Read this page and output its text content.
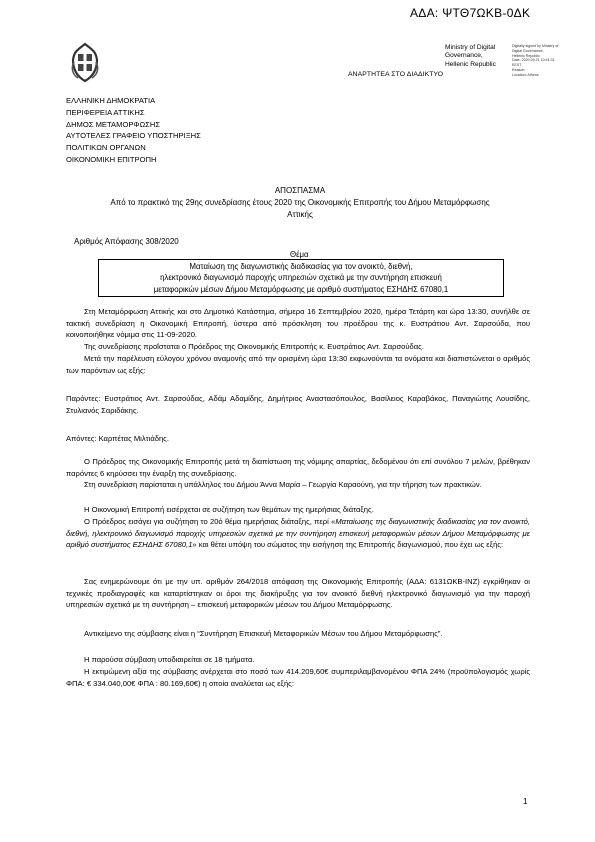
ΑΔΑ: ΨΤΘ7ΩΚΒ-0ΔΚ
Ministry of Digital
Governance,
Hellenic Republic
Digitally signed by Ministry of
Digital Governance,
Hellenic Republic
Date: 2020.09.21 10:41:31
EEST
Reason:
Location: Athens
ΑΝΑΡΤΗΤΕΑ ΣΤΟ ΔΙΑΔΙΚΤΥΟ
ΕΛΛΗΝΙΚΗ ΔΗΜΟΚΡΑΤΙΑ
ΠΕΡΙΦΕΡΕΙΑ ΑΤΤΙΚΗΣ
ΔΗΜΟΣ ΜΕΤΑΜΟΡΦΩΣΗΣ
ΑΥΤΟΤΕΛΕΣ ΓΡΑΦΕΙΟ ΥΠΟΣΤΗΡΙΞΗΣ
ΠΟΛΙΤΙΚΩΝ ΟΡΓΑΝΩΝ
ΟΙΚΟΝΟΜΙΚΗ ΕΠΙΤΡΟΠΗ
ΑΠΟΣΠΑΣΜΑ
Από το πρακτικό της 29ης συνεδρίασης έτους 2020 της Οικονομικής Επιτροπής του Δήμου Μεταμόρφωσης
Αττικής
Αριθμός Απόφασης 308/2020
Θέμα
Ματαίωση της διαγωνιστικής διαδικασίας για τον ανοικτό, διεθνή,
ηλεκτρονικό διαγωνισμό παροχής υπηρεσιών σχετικά με την συντήρηση επισκευή
μεταφορικών μέσων Δήμου Μεταμόρφωσης με αριθμό συστήματος ΕΣΗΔΗΣ 67080,1
Στη Μεταμόρφωση Αττικής και στο Δημοτικό Κατάστημα, σήμερα 16 Σεπτεμβρίου 2020, ημέρα Τετάρτη και ώρα 13:30, συνήλθε σε τακτική συνεδρίαση η Οικονομική Επιτροπή, ύστερα από πρόσκληση του προέδρου της κ. Ευστράτιου Αντ. Σαρσούδα, που κοινοποιήθηκε νόμιμα στις 11-09-2020.
Της συνεδρίασης προΐσταται ο Πρόεδρος της Οικονομικής Επιτροπής κ. Ευστράτιος Αντ. Σαρσούδας.
Μετά την παρέλευση εύλογου χρόνου αναμονής από την ορισμένη ώρα 13:30 εκφωνούνται τα ονόματα και διαπιστώνεται ο αριθμός των παρόντων ως εξής:
Παρόντες: Ευστράτιος Αντ. Σαρσούδας, Αδάμ Αδαμίδης, Δημήτριος Αναστασόπουλος, Βασίλειος Καραβάκος, Παναγιώτης Λουσίδης, Στυλιανός Σαριδάκης.
Απόντες: Καρπέτας Μιλτιάδης.
Ο Πρόεδρος της Οικονομικής Επιτροπής μετά τη διαπίστωση της νόμιμης απαρτίας, δεδομένου ότι επί συνόλου 7 μελών, βρέθηκαν παρόντες 6 κηρύσσει την έναρξη της συνεδρίασης.
Στη συνεδρίαση παρίσταται η υπάλληλος του Δήμου Άννα Μαρία – Γεωργία Καραούνη, για την τήρηση των πρακτικών.
Η Οικονομική Επιτροπή εισέρχεται σε συζήτηση των θεμάτων της ημερήσιας διάταξης.
Ο Πρόεδρος εισάγει για συζήτηση το 20ό θέμα ημερήσιας διάταξης, περί «Ματαίωσης της διαγωνιστικής διαδικασίας για τον ανοικτό, διεθνή, ηλεκτρονικό διαγωνισμό παροχής υπηρεσιών σχετικά με την συντήρηση επισκευή μεταφορικών μέσων Δήμου Μεταμόρφωσης με αριθμό συστήματος ΕΣΗΔΗΣ 67080,1» και θέτει υπόψη του σώματος την εισήγηση της Επιτροπής διαγωνισμού, που έχει ως εξής:
Σας ενημερώνουμε ότι με την υπ. αριθμόν 264/2018 απόφαση της Οικονομικής Επιτροπής (ΑΔΑ: 6131ΩΚΒ-ΙΝΖ) εγκρίθηκαν οι τεχνικές προδιαγραφές και καταρτίστηκαν οι όροι της διακήρυξης για τον ανοικτό διεθνή ηλεκτρονικό διαγωνισμό για την παροχή υπηρεσιών σχετικά με τη συντήρηση – επισκευή μεταφορικών μέσων του Δήμου Μεταμόρφωσης.
Αντικείμενο της σύμβασης είναι η “Συντήρηση Επισκευή Μεταφορικών Μέσων του Δήμου Μεταμόρφωσης”.
Η παρούσα σύμβαση υποδιαιρείται σε 18 τμήματα.
Η εκτιμώμενη αξία της σύμβασης ανέρχεται στο ποσό των 414.209,60€ συμπεριλαμβανομένου ΦΠΑ 24% (προϋπολογισμός χωρίς ΦΠΑ: € 334.040,00€ ΦΠΑ : 80.169,60€) η οποία αναλύεται ως εξής:
1
